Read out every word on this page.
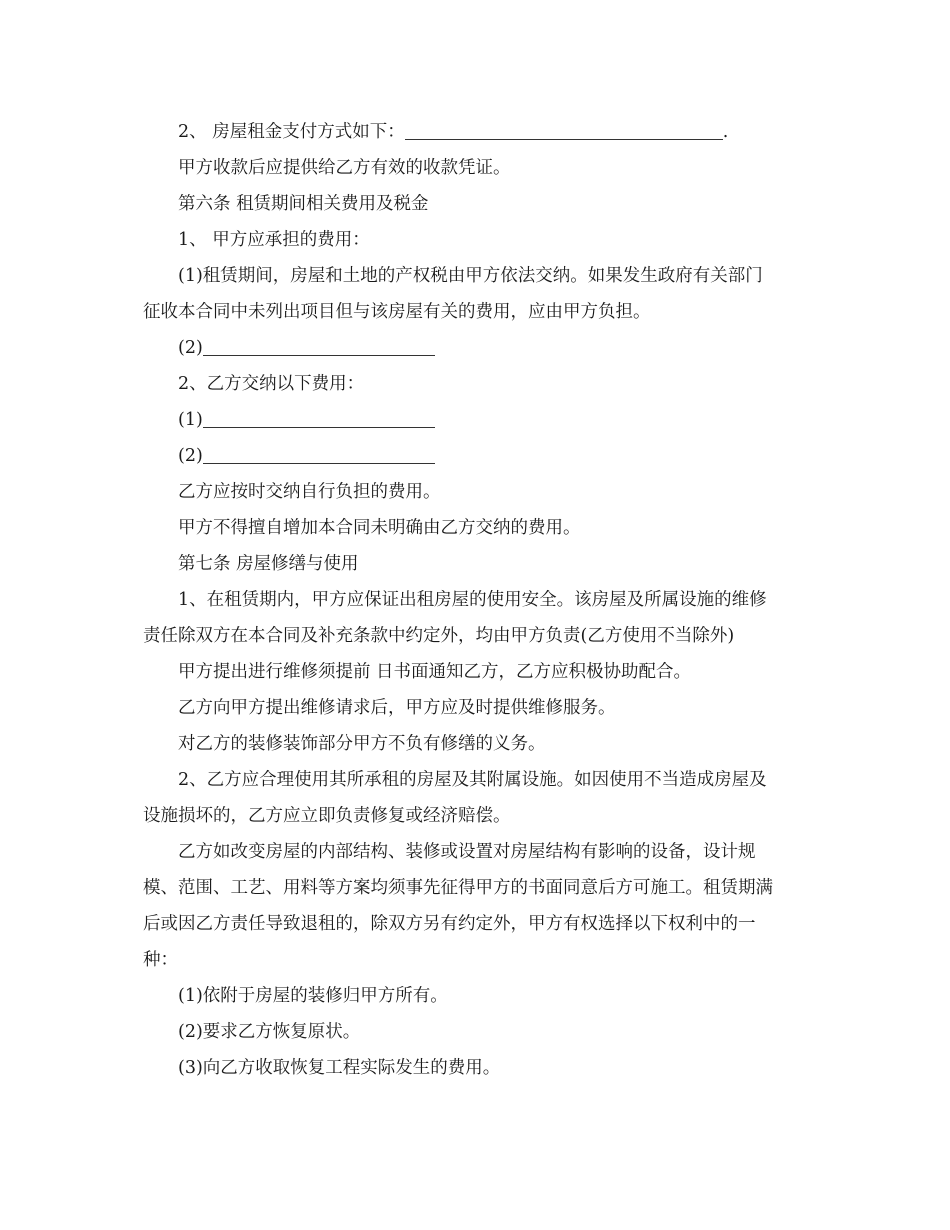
2、 房屋租金支付方式如下：	.
甲方收款后应提供给乙方有效的收款凭证。
第六条 租赁期间相关费用及税金
1、 甲方应承担的费用：
(1)租赁期间，房屋和土地的产权税由甲方依法交纳。如果发生政府有关部门
征收本合同中未列出项目但与该房屋有关的费用，应由甲方负担。
(2)
2、乙方交纳以下费用：
(1)
(2)
乙方应按时交纳自行负担的费用。
甲方不得擅自增加本合同未明确由乙方交纳的费用。
第七条 房屋修缮与使用
1、在租赁期内，甲方应保证出租房屋的使用安全。该房屋及所属设施的维修
责任除双方在本合同及补充条款中约定外，均由甲方负责(乙方使用不当除外)
甲方提出进行维修须提前 日书面通知乙方，乙方应积极协助配合。
乙方向甲方提出维修请求后，甲方应及时提供维修服务。
对乙方的装修装饰部分甲方不负有修缮的义务。
2、乙方应合理使用其所承租的房屋及其附属设施。如因使用不当造成房屋及
设施损坏的，乙方应立即负责修复或经济赔偿。
乙方如改变房屋的内部结构、装修或设置对房屋结构有影响的设备，设计规
模、范围、工艺、用料等方案均须事先征得甲方的书面同意后方可施工。租赁期满
后或因乙方责任导致退租的，除双方另有约定外，甲方有权选择以下权利中的一
种：
(1)依附于房屋的装修归甲方所有。
(2)要求乙方恢复原状。
(3)向乙方收取恢复工程实际发生的费用。
